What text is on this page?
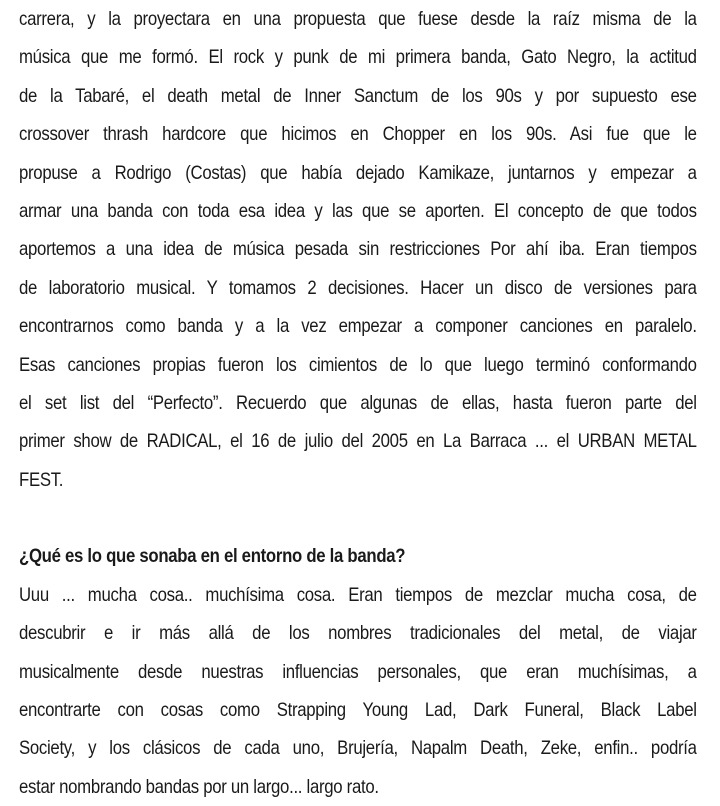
carrera, y la proyectara en una propuesta que fuese desde la raíz misma de la
música que me formó. El rock y punk de mi primera banda, Gato Negro, la actitud
de la Tabaré, el death metal de Inner Sanctum de los 90s y por supuesto ese
crossover thrash hardcore que hicimos en Chopper en los 90s. Asi fue que le
propuse a Rodrigo (Costas) que había dejado Kamikaze, juntarnos y empezar a
armar una banda con toda esa idea y las que se aporten. El concepto de que todos
aportemos a una idea de música pesada sin restricciones Por ahí iba. Eran tiempos
de laboratorio musical. Y tomamos 2 decisiones. Hacer un disco de versiones para
encontrarnos como banda y a la vez empezar a componer canciones en paralelo.
Esas canciones propias fueron los cimientos de lo que luego terminó conformando
el set list del “Perfecto”. Recuerdo que algunas de ellas, hasta fueron parte del
primer show de RADICAL, el 16 de julio del 2005 en La Barraca ... el URBAN METAL
FEST.
¿Qué es lo que sonaba en el entorno de la banda?
Uuu ... mucha cosa.. muchísima cosa. Eran tiempos de mezclar mucha cosa, de
descubrir e ir más allá de los nombres tradicionales del metal, de viajar
musicalmente desde nuestras influencias personales, que eran muchísimas, a
encontrarte con cosas como Strapping Young Lad, Dark Funeral, Black Label
Society, y los clásicos de cada uno, Brujería, Napalm Death, Zeke, enfin.. podría
estar nombrando bandas por un largo... largo rato.
